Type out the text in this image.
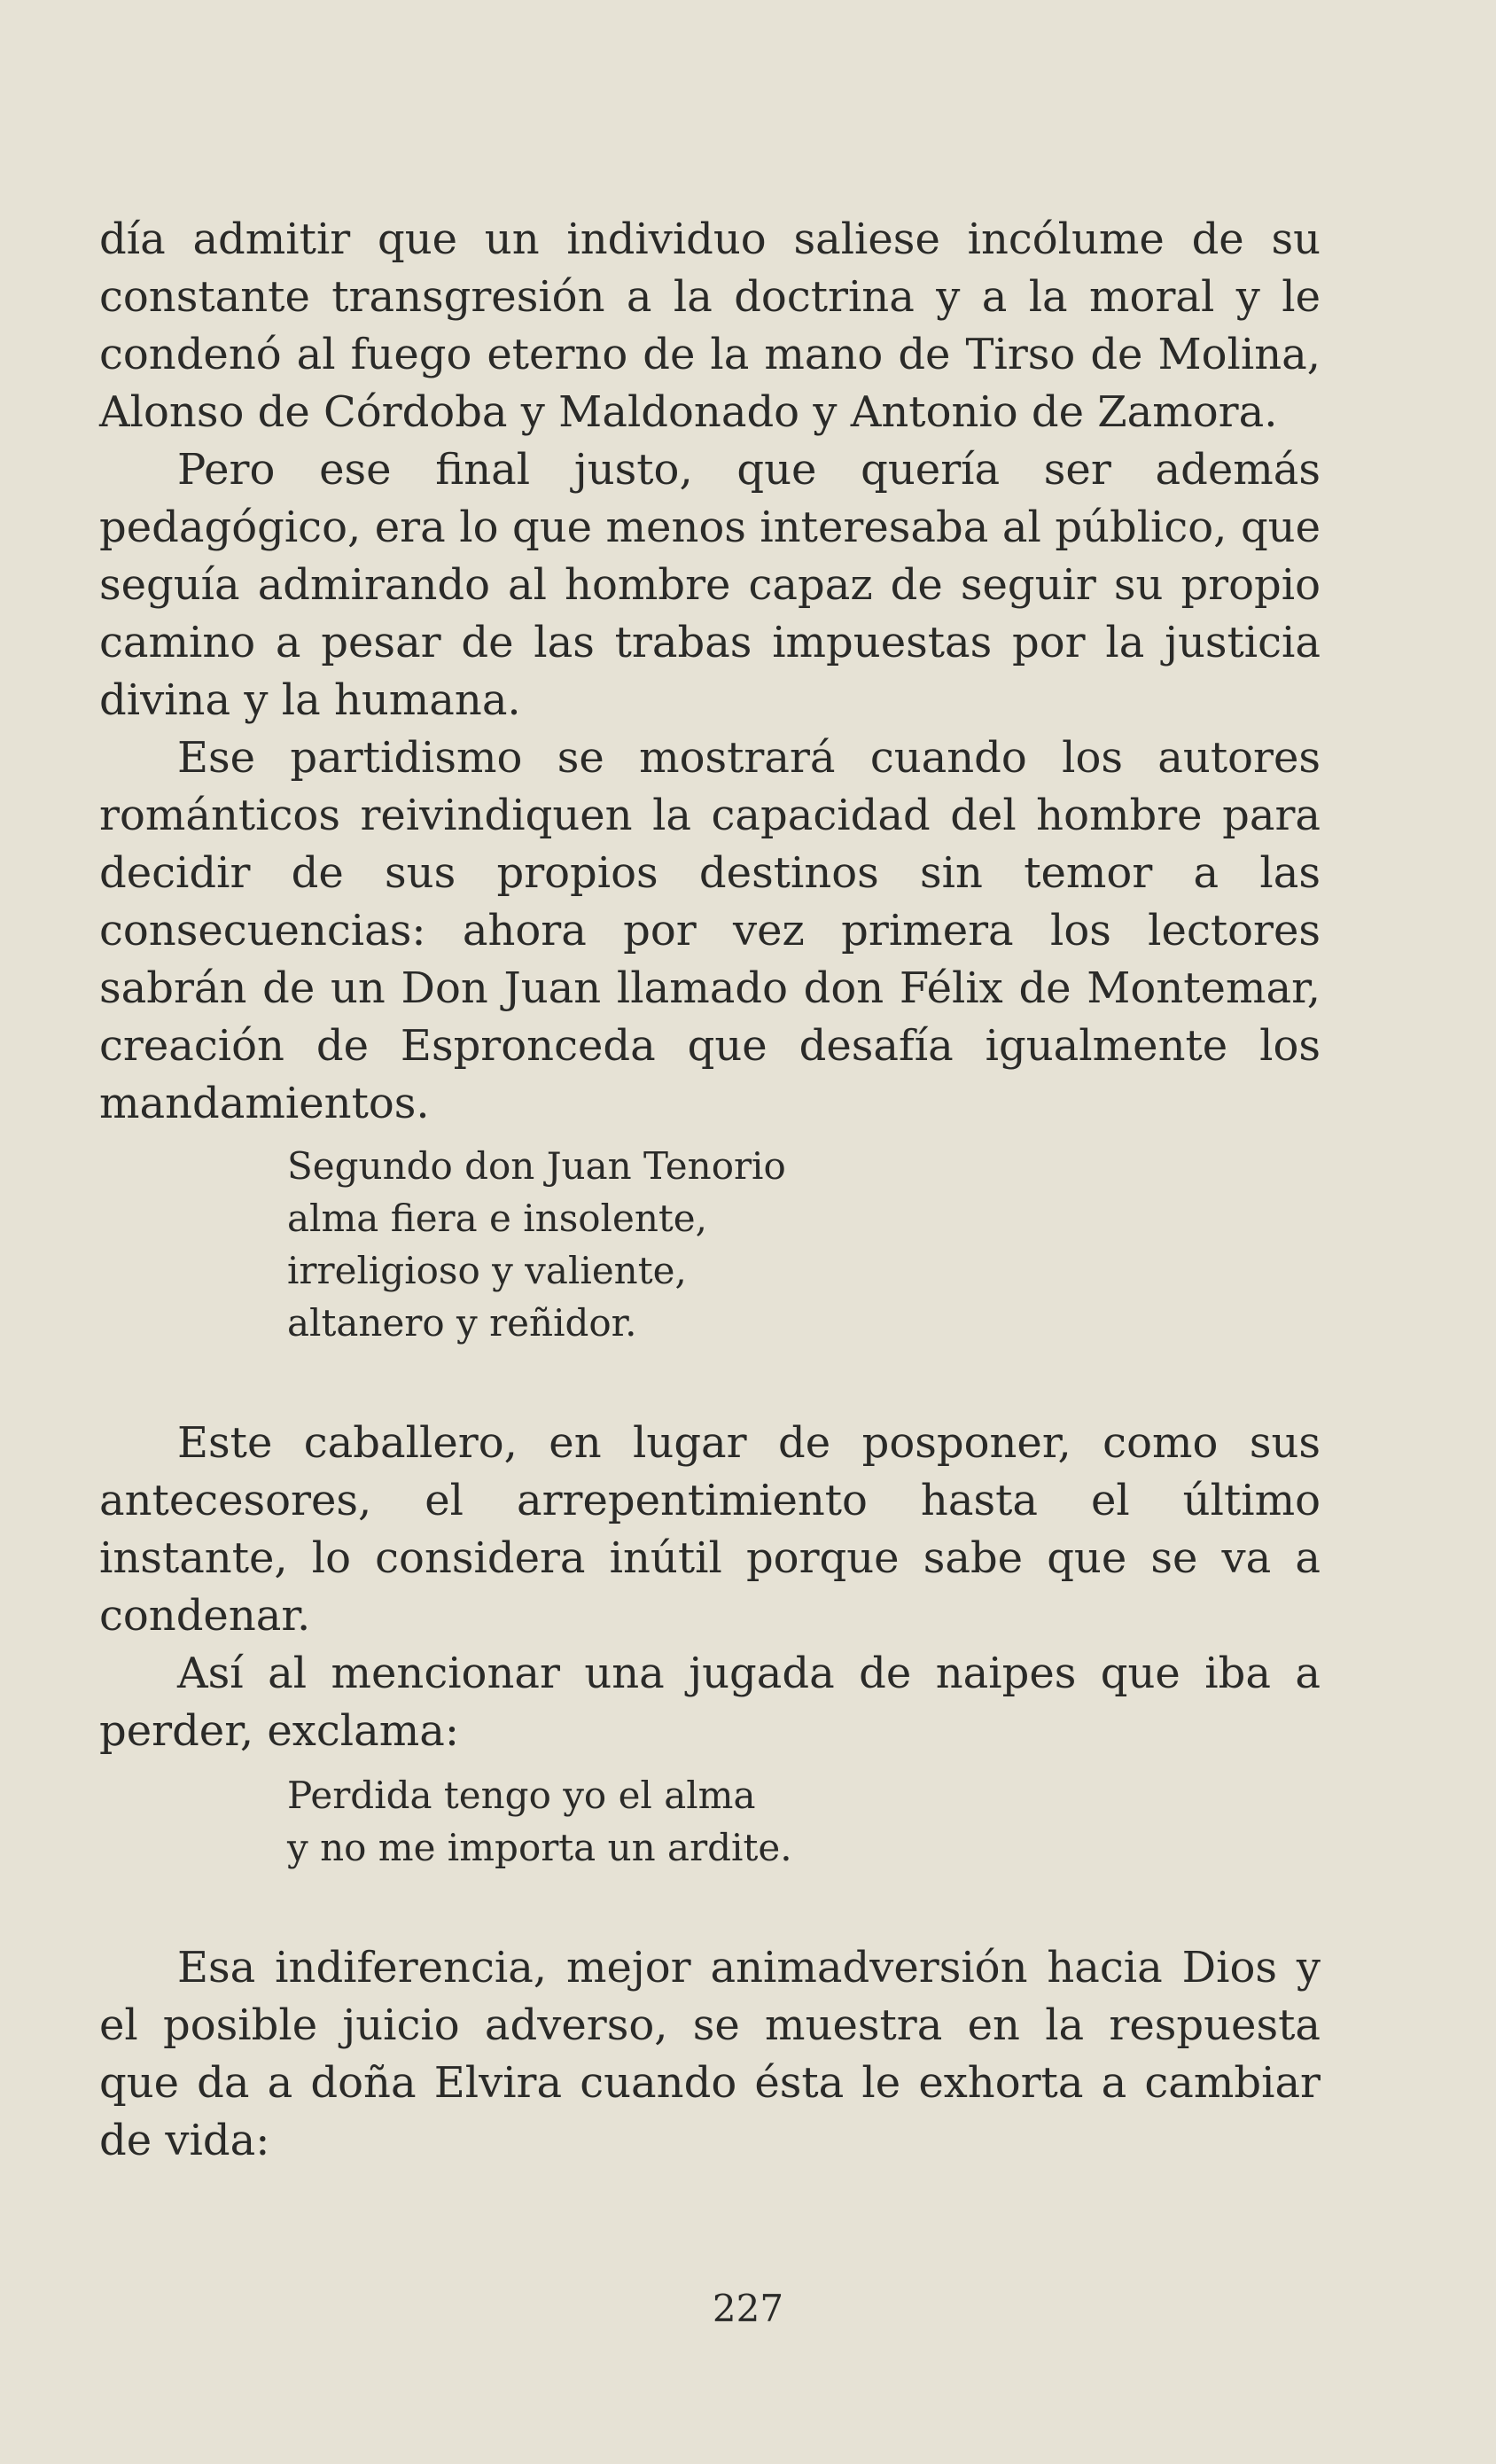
día admitir que un individuo saliese incólume de su constante transgresión a la doctrina y a la moral y le condenó al fuego eterno de la mano de Tirso de Molina, Alonso de Córdoba y Maldonado y Antonio de Zamora.

Pero ese final justo, que quería ser además pedagógico, era lo que menos interesaba al público, que seguía admirando al hombre capaz de seguir su propio camino a pesar de las trabas impuestas por la justicia divina y la humana.

Ese partidismo se mostrará cuando los autores románticos reivindiquen la capacidad del hombre para decidir de sus propios destinos sin temor a las consecuencias: ahora por vez primera los lectores sabrán de un Don Juan llamado don Félix de Montemar, creación de Espronceda que desafía igualmente los mandamientos.

Segundo don Juan Tenorio
alma fiera e insolente,
irreligioso y valiente,
altanero y reñidor.

Este caballero, en lugar de posponer, como sus antecesores, el arrepentimiento hasta el último instante, lo considera inútil porque sabe que se va a condenar.

Así al mencionar una jugada de naipes que iba a perder, exclama:

Perdida tengo yo el alma
y no me importa un ardite.

Esa indiferencia, mejor animadversión hacia Dios y el posible juicio adverso, se muestra en la respuesta que da a doña Elvira cuando ésta le exhorta a cambiar de vida:

227
